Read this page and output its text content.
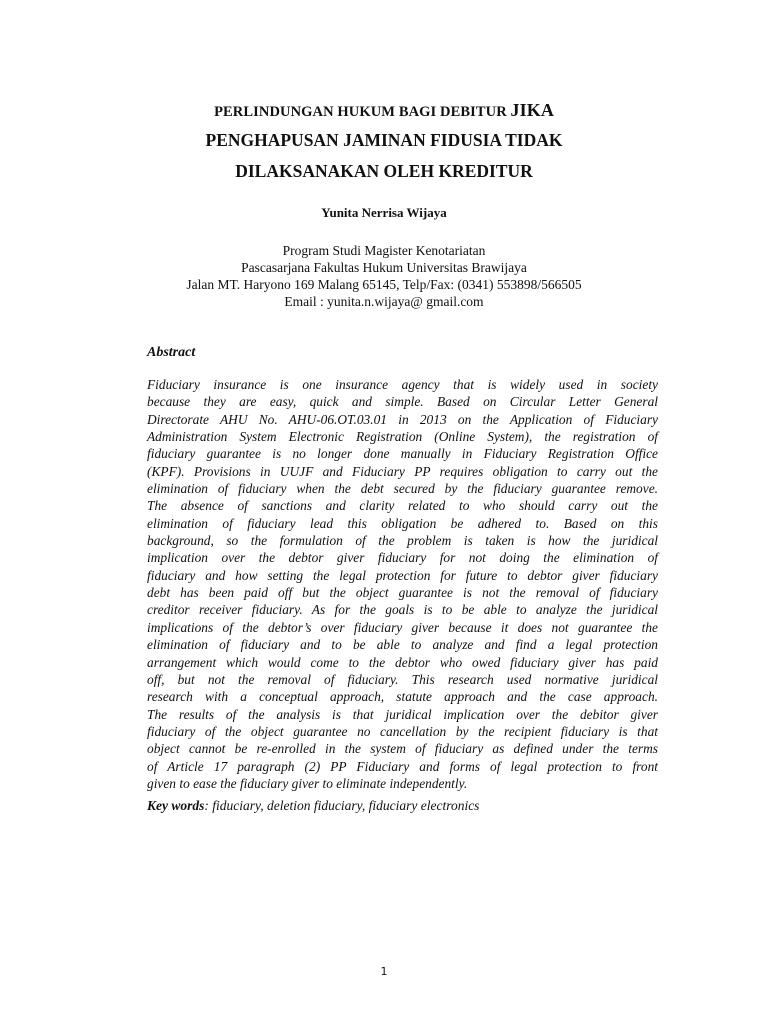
PERLINDUNGAN HUKUM BAGI DEBITUR JIKA
PENGHAPUSAN JAMINAN FIDUSIA TIDAK
DILAKSANAKAN OLEH KREDITUR
Yunita Nerrisa Wijaya
Program Studi Magister Kenotariatan
Pascasarjana Fakultas Hukum Universitas Brawijaya
Jalan MT. Haryono 169 Malang 65145, Telp/Fax: (0341) 553898/566505
Email : yunita.n.wijaya@ gmail.com
Abstract
Fiduciary insurance is one insurance agency that is widely used in society
because they are easy, quick and simple. Based on Circular Letter General
Directorate AHU No. AHU-06.OT.03.01 in 2013 on the Application of Fiduciary
Administration System Electronic Registration (Online System), the registration of
fiduciary guarantee is no longer done manually in Fiduciary Registration Office
(KPF). Provisions in UUJF and Fiduciary PP requires obligation to carry out the
elimination of fiduciary when the debt secured by the fiduciary guarantee remove.
The absence of sanctions and clarity related to who should carry out the
elimination of fiduciary lead this obligation be adhered to. Based on this
background, so the formulation of the problem is taken is how the juridical
implication over the debtor giver fiduciary for not doing the elimination of
fiduciary and how setting the legal protection for future to debtor giver fiduciary
debt has been paid off but the object guarantee is not the removal of fiduciary
creditor receiver fiduciary. As for the goals is to be able to analyze the juridical
implications of the debtor’s over fiduciary giver because it does not guarantee the
elimination of fiduciary and to be able to analyze and find a legal protection
arrangement which would come to the debtor who owed fiduciary giver has paid
off, but not the removal of fiduciary. This research used normative juridical
research with a conceptual approach, statute approach and the case approach.
The results of the analysis is that juridical implication over the debitor giver
fiduciary of the object guarantee no cancellation by the recipient fiduciary is that
object cannot be re-enrolled in the system of fiduciary as defined under the terms
of Article 17 paragraph (2) PP Fiduciary and forms of legal protection to front
given to ease the fiduciary giver to eliminate independently.
Key words: fiduciary, deletion fiduciary, fiduciary electronics
1
